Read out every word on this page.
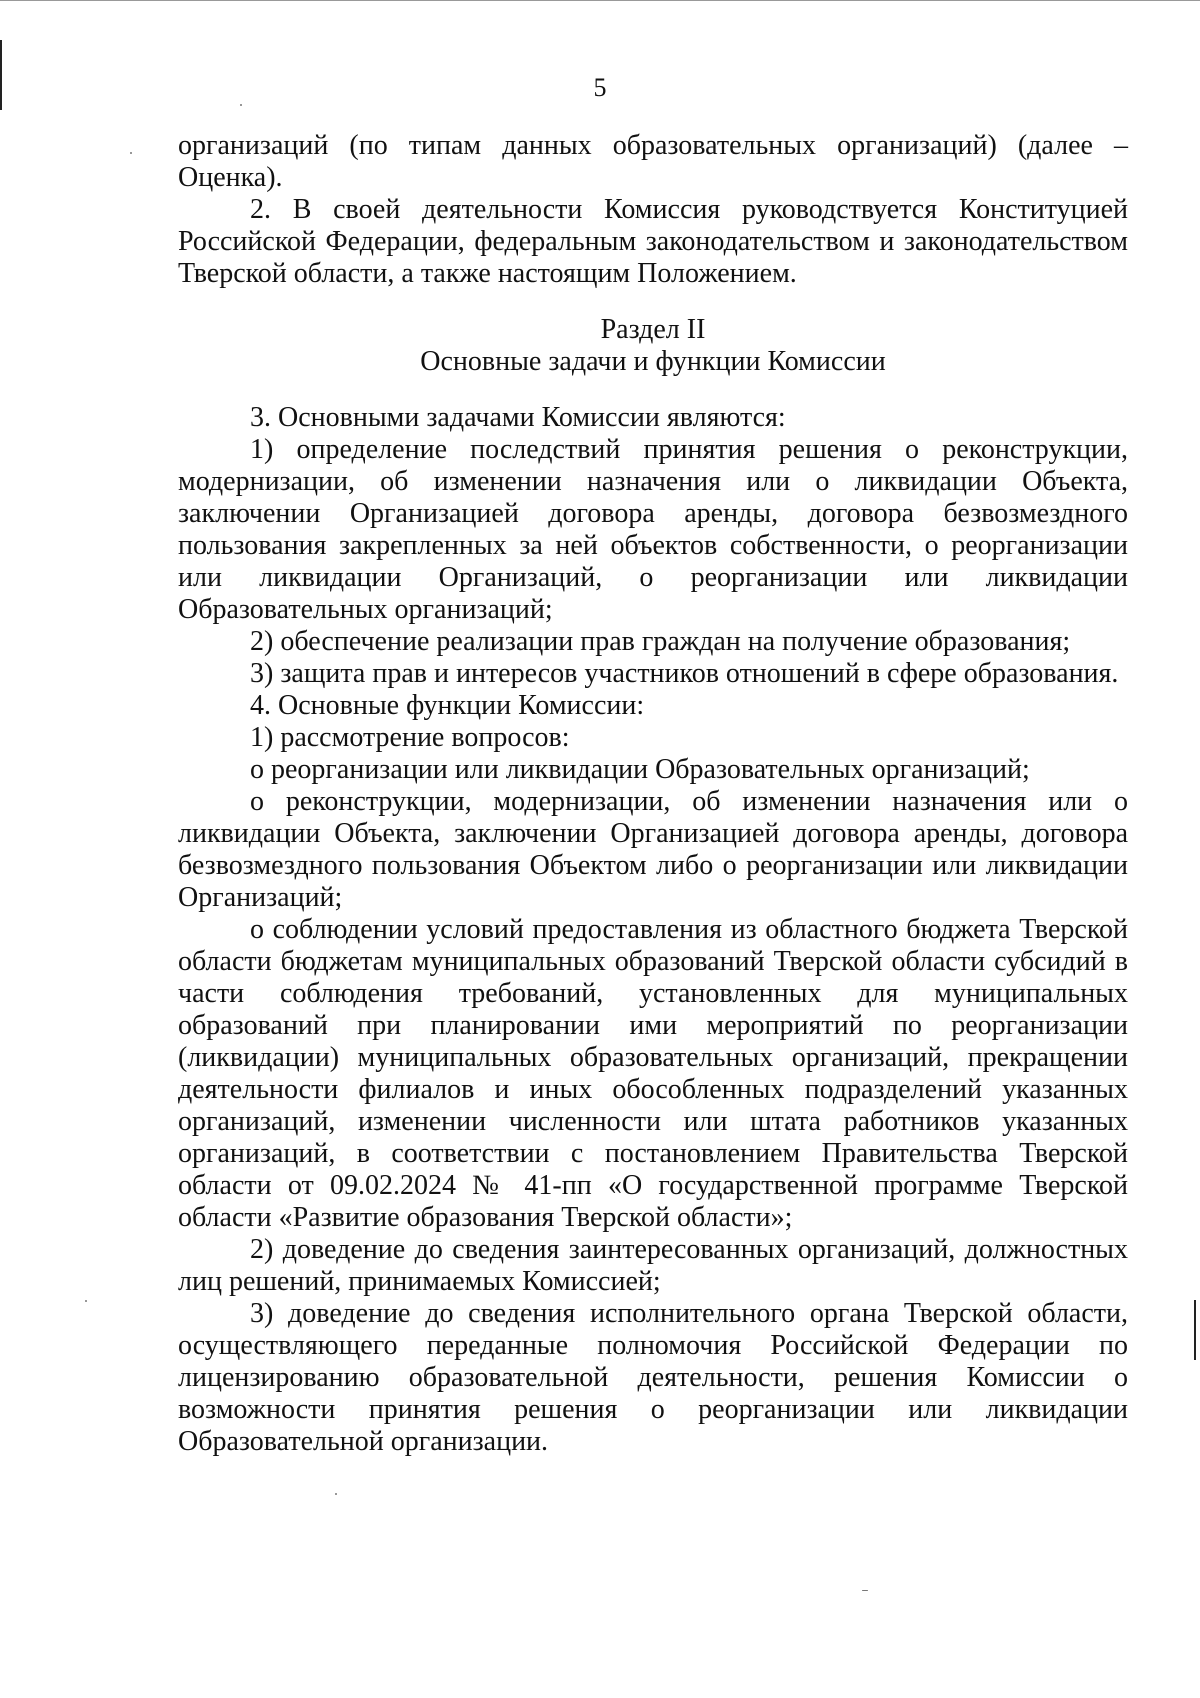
5

организаций (по типам данных образовательных организаций) (далее – Оценка).

2. В своей деятельности Комиссия руководствуется Конституцией Российской Федерации, федеральным законодательством и законодательством Тверской области, а также настоящим Положением.

Раздел II

Основные задачи и функции Комиссии

3. Основными задачами Комиссии являются:

1) определение последствий принятия решения о реконструкции, модернизации, об изменении назначения или о ликвидации Объекта, заключении Организацией договора аренды, договора безвозмездного пользования закрепленных за ней объектов собственности, о реорганизации или ликвидации Организаций, о реорганизации или ликвидации Образовательных организаций;

2) обеспечение реализации прав граждан на получение образования;

3) защита прав и интересов участников отношений в сфере образования.

4. Основные функции Комиссии:

1) рассмотрение вопросов:

о реорганизации или ликвидации Образовательных организаций;

о реконструкции, модернизации, об изменении назначения или о ликвидации Объекта, заключении Организацией договора аренды, договора безвозмездного пользования Объектом либо о реорганизации или ликвидации Организаций;

о соблюдении условий предоставления из областного бюджета Тверской области бюджетам муниципальных образований Тверской области субсидий в части соблюдения требований, установленных для муниципальных образований при планировании ими мероприятий по реорганизации (ликвидации) муниципальных образовательных организаций, прекращении деятельности филиалов и иных обособленных подразделений указанных организаций, изменении численности или штата работников указанных организаций, в соответствии с постановлением Правительства Тверской области от 09.02.2024 № 41-пп «О государственной программе Тверской области «Развитие образования Тверской области»;

2) доведение до сведения заинтересованных организаций, должностных лиц решений, принимаемых Комиссией;

3) доведение до сведения исполнительного органа Тверской области, осуществляющего переданные полномочия Российской Федерации по лицензированию образовательной деятельности, решения Комиссии о возможности принятия решения о реорганизации или ликвидации Образовательной организации.
